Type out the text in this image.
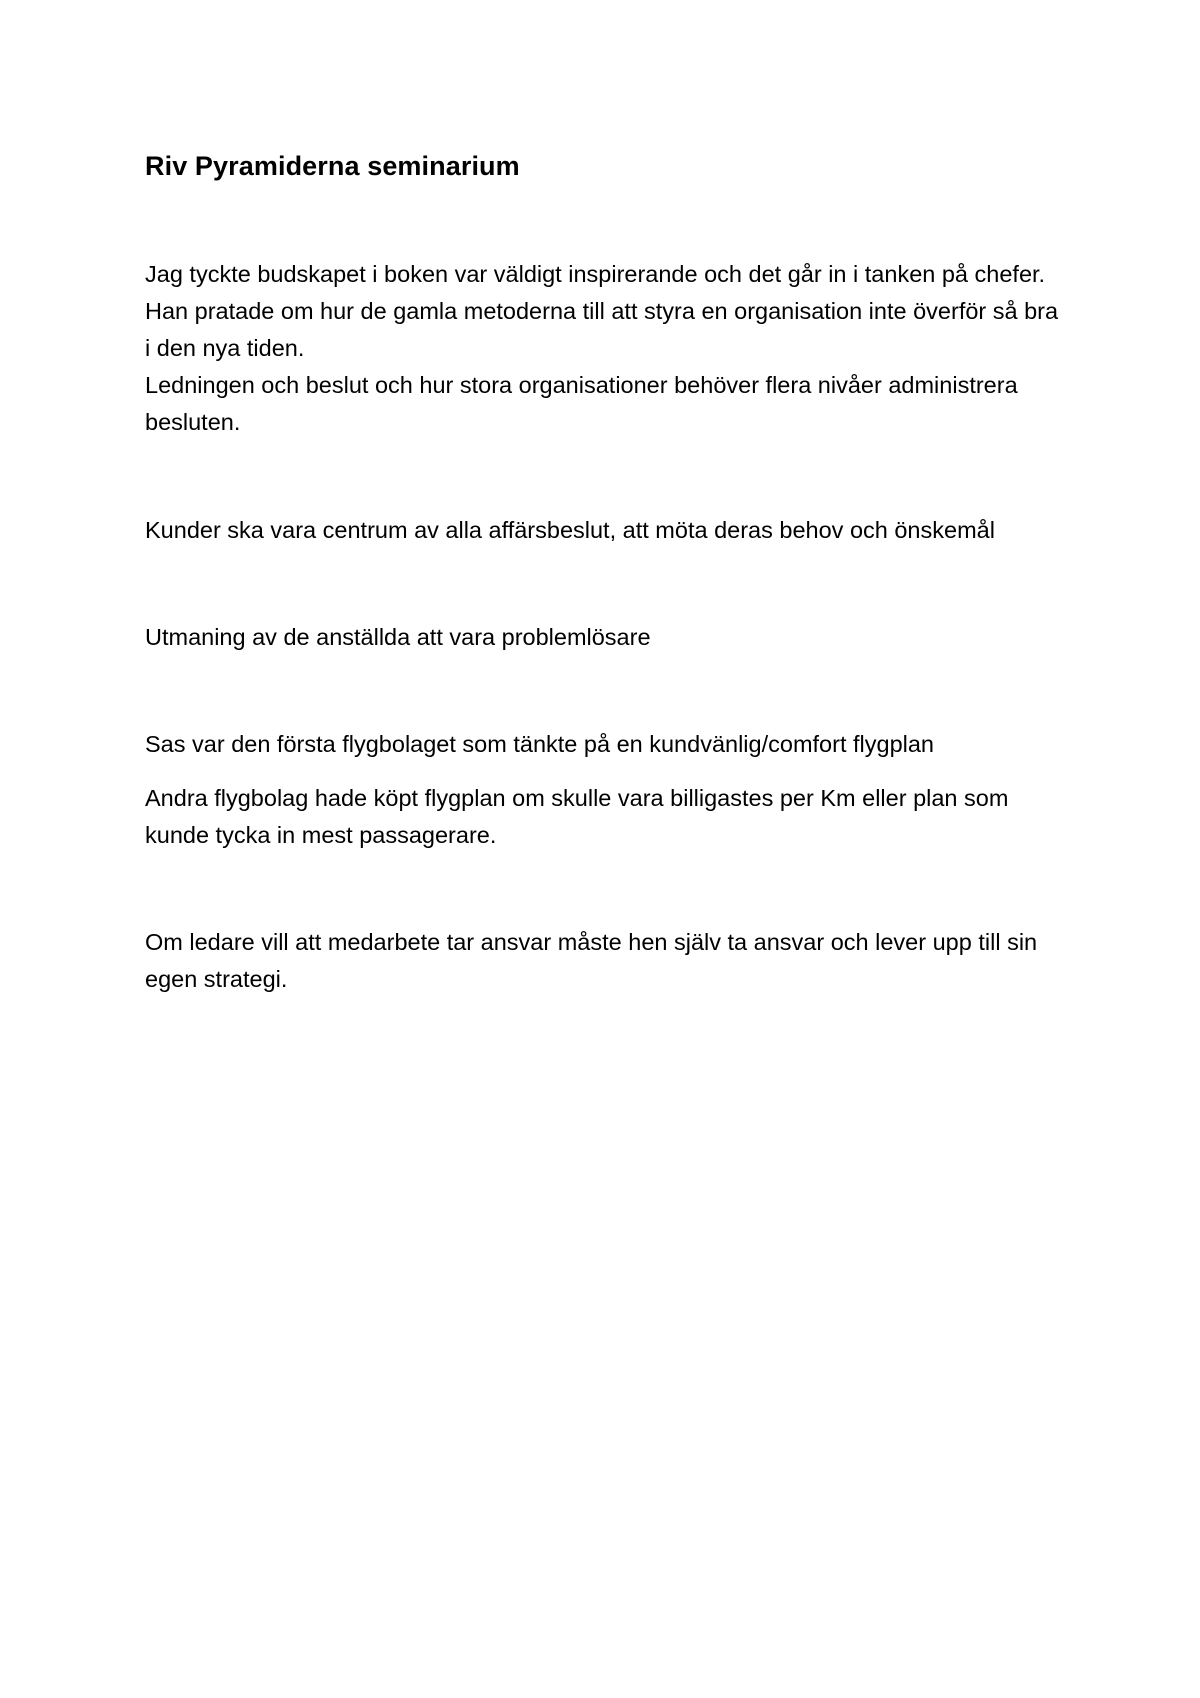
Riv Pyramiderna seminarium

Jag tyckte budskapet i boken var väldigt inspirerande och det går in i tanken på chefer. Han pratade om hur de gamla metoderna till att styra en organisation inte överför så bra i den nya tiden.

Ledningen och beslut och hur stora organisationer behöver flera nivåer administrera besluten.

Kunder ska vara centrum av alla affärsbeslut, att möta deras behov och önskemål

Utmaning av de anställda att vara problemlösare

Sas var den första flygbolaget som tänkte på en kundvänlig/comfort flygplan

Andra flygbolag hade köpt flygplan om skulle vara billigastes per Km eller plan som kunde tycka in mest passagerare.

Om ledare vill att medarbete tar ansvar måste hen själv ta ansvar och lever upp till sin egen strategi.
